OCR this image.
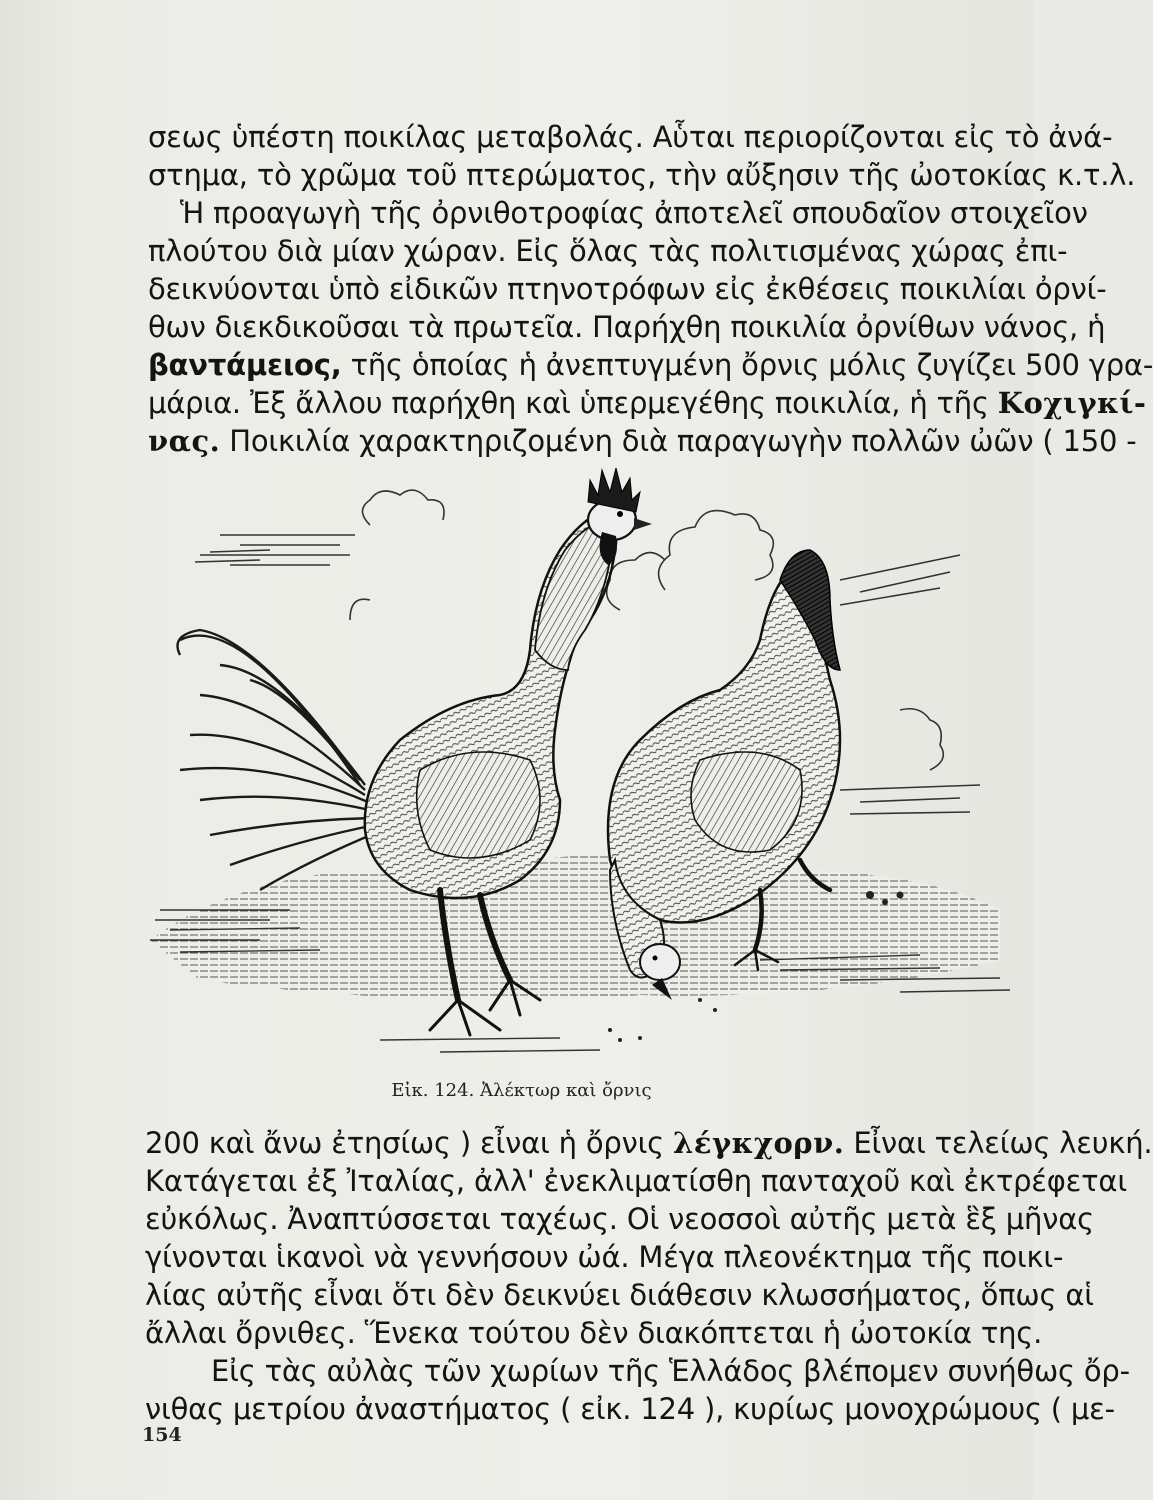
σεως ὑπέστη ποικίλας μεταβολάς. Αὗται περιορίζονται εἰς τὸ ἀνά-

στημα, τὸ χρῶμα τοῦ πτερώματος, τὴν αὔξησιν τῆς ὠοτοκίας κ.τ.λ.

Ἡ προαγωγὴ τῆς ὀρνιθοτροφίας ἀποτελεῖ σπουδαῖον στοιχεῖον

πλούτου διὰ μίαν χώραν. Εἰς ὅλας τὰς πολιτισμένας χώρας ἐπι-

δεικνύονται ὑπὸ εἰδικῶν πτηνοτρόφων εἰς ἐκθέσεις ποικιλίαι ὀρνί-

θων διεκδικοῦσαι τὰ πρωτεῖα. Παρήχθη ποικιλία ὀρνίθων νάνος, ἡ

βαντάμειος, τῆς ὁποίας ἡ ἀνεπτυγμένη ὄρνις μόλις ζυγίζει 500 γρα-

μάρια. Ἐξ ἄλλου παρήχθη καὶ ὑπερμεγέθης ποικιλία, ἡ τῆς Κοχιγκί-

νας. Ποικιλία χαρακτηριζομένη διὰ παραγωγὴν πολλῶν ὠῶν ( 150 -

Εἰκ. 124. Ἀλέκτωρ καὶ ὄρνις

200 καὶ ἄνω ἐτησίως ) εἶναι ἡ ὄρνις λέγκχορν. Εἶναι τελείως λευκή.

Κατάγεται ἐξ Ἰταλίας, ἀλλ' ἐνεκλιματίσθη πανταχοῦ καὶ ἐκτρέφεται

εὐκόλως. Ἀναπτύσσεται ταχέως. Οἱ νεοσσοὶ αὐτῆς μετὰ ἓξ μῆνας

γίνονται ἱκανοὶ νὰ γεννήσουν ὠά. Μέγα πλεονέκτημα τῆς ποικι-

λίας αὐτῆς εἶναι ὅτι δὲν δεικνύει διάθεσιν κλωσσήματος, ὅπως αἱ

ἄλλαι ὄρνιθες. Ἕνεκα τούτου δὲν διακόπτεται ἡ ὠοτοκία της.

Εἰς τὰς αὐλὰς τῶν χωρίων τῆς Ἑλλάδος βλέπομεν συνήθως ὄρ-

νιθας μετρίου ἀναστήματος ( εἰκ. 124 ), κυρίως μονοχρώμους ( με-

154
